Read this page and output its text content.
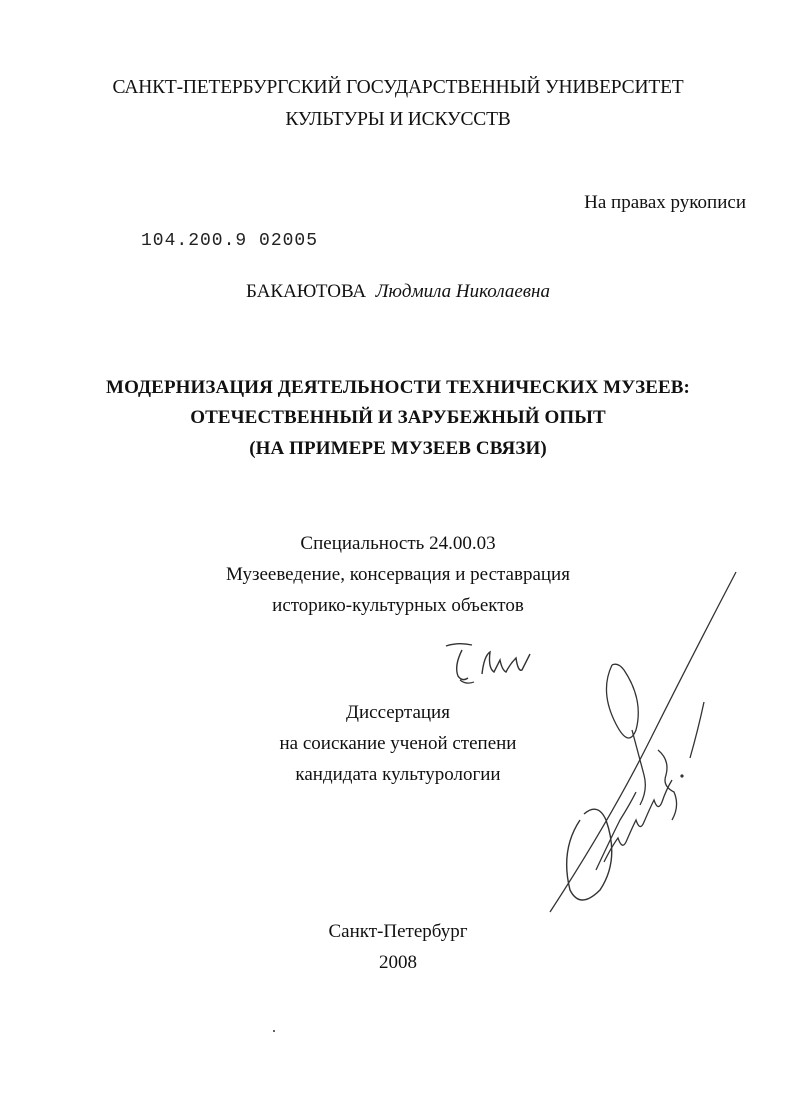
САНКТ-ПЕТЕРБУРГСКИЙ ГОСУДАРСТВЕННЫЙ УНИВЕРСИТЕТ
КУЛЬТУРЫ И ИСКУССТВ
На правах рукописи
104.200.9 02005
БАКАЮТОВА Людмила Николаевна
МОДЕРНИЗАЦИЯ ДЕЯТЕЛЬНОСТИ ТЕХНИЧЕСКИХ МУЗЕЕВ:
ОТЕЧЕСТВЕННЫЙ И ЗАРУБЕЖНЫЙ ОПЫТ
(НА ПРИМЕРЕ МУЗЕЕВ СВЯЗИ)
Специальность 24.00.03
Музееведение, консервация и реставрация
историко-культурных объектов
Диссертация
на соискание ученой степени
кандидата культурологии
Санкт-Петербург
2008
